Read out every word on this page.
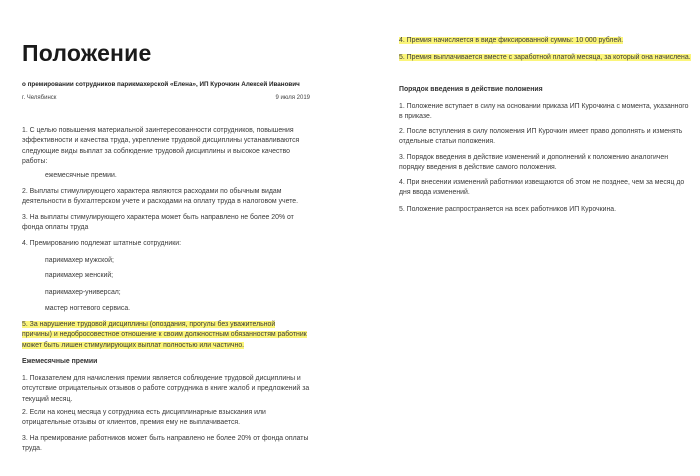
Положение
о премировании сотрудников парикмахерской «Елена», ИП Курочкин Алексей Иванович
г. Челябинск	9 июля 2019
1. С целью повышения материальной заинтересованности сотрудников, повышения эффективности и качества труда, укрепление трудовой дисциплины устанавливаются следующие виды выплат за соблюдение трудовой дисциплины и высокое качество работы:
ежемесячные премии.
2. Выплаты стимулирующего характера являются расходами по обычным видам деятельности в бухгалтерском учете и расходами на оплату труда в налоговом учете.
3. На выплаты стимулирующего характера может быть направлено не более 20% от фонда оплаты труда
4. Премированию подлежат штатные сотрудники:
парикмахер мужской;
парикмахер женский;
парикмахер-универсал;
мастер ногтевого сервиса.
5. За нарушение трудовой дисциплины (опоздания, прогулы без уважительной причины) и недобросовестное отношение к своим должностным обязанностям работник может быть лишен стимулирующих выплат полностью или частично.
Ежемесячные премии
1. Показателем для начисления премии является соблюдение трудовой дисциплины и отсутствие отрицательных отзывов о работе сотрудника в книге жалоб и предложений за текущий месяц.
2. Если на конец месяца у сотрудника есть дисциплинарные взыскания или отрицательные отзывы от клиентов, премия ему не выплачивается.
3. На премирование работников может быть направлено не более 20% от фонда оплаты труда.
4. Премия начисляется в виде фиксированной суммы: 10 000 рублей.
5. Премия выплачивается вместе с заработной платой месяца, за который она начислена.
Порядок введения в действие положения
1. Положение вступает в силу на основании приказа ИП Курочкина с момента, указанного в приказе.
2. После вступления в силу положения ИП Курочкин имеет право дополнять и изменять отдельные статьи положения.
3. Порядок введения в действие изменений и дополнений к положению аналогичен порядку введения в действие самого положения.
4. При внесении изменений работники извещаются об этом не позднее, чем за месяц до дня ввода изменений.
5. Положение распространяется на всех работников ИП Курочкина.
